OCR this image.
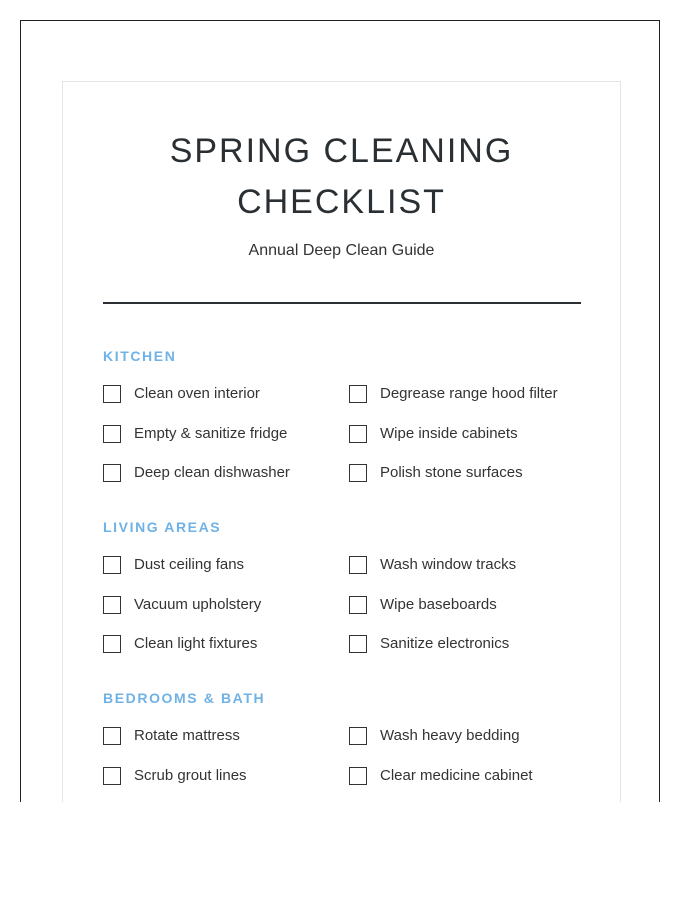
SPRING CLEANING CHECKLIST
Annual Deep Clean Guide
KITCHEN
Clean oven interior	Degrease range hood filter
Empty & sanitize fridge	Wipe inside cabinets
Deep clean dishwasher	Polish stone surfaces
LIVING AREAS
Dust ceiling fans	Wash window tracks
Vacuum upholstery	Wipe baseboards
Clean light fixtures	Sanitize electronics
BEDROOMS & BATH
Rotate mattress	Wash heavy bedding
Scrub grout lines	Clear medicine cabinet
